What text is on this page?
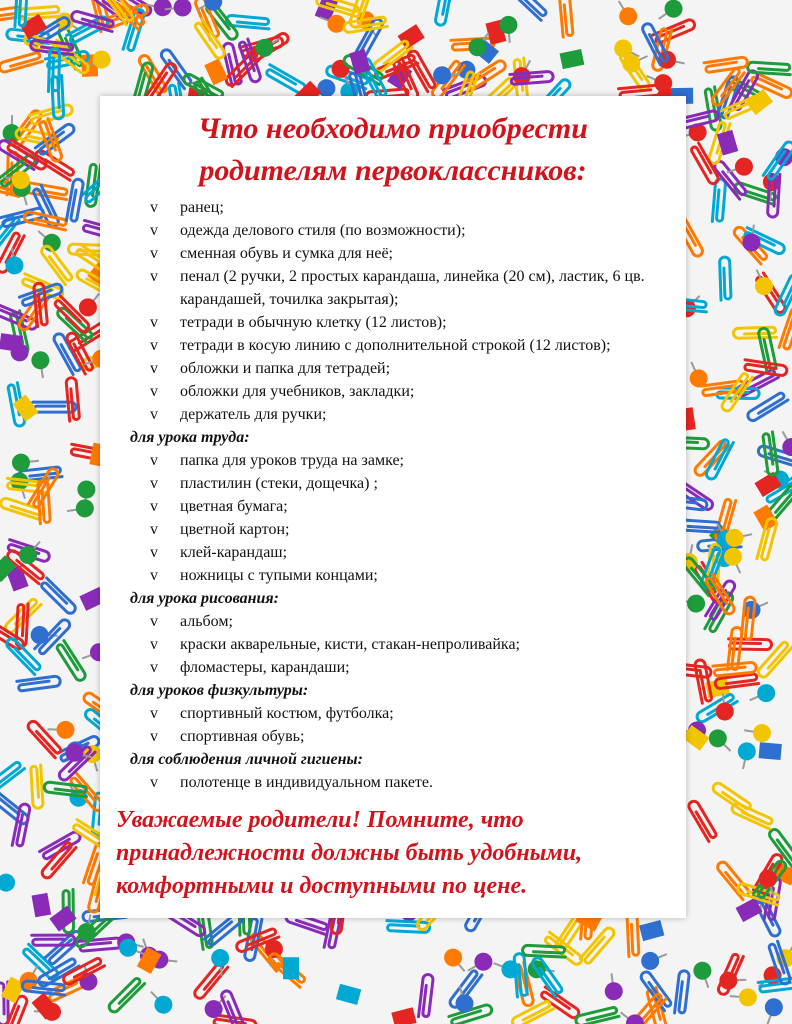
Что необходимо приобрести
родителям первоклассников:
v	ранец;
v	одежда делового стиля (по возможности);
v	сменная обувь и сумка для неё;
v	пенал (2 ручки, 2 простых карандаша, линейка (20 см), ластик, 6 цв. карандашей, точилка закрытая);
v	тетради в обычную клетку (12 листов);
v	тетради в косую линию с дополнительной строкой (12 листов);
v	обложки и папка для тетрадей;
v	обложки для учебников, закладки;
v	держатель для ручки;
для урока труда:
v	папка для уроков труда на замке;
v	пластилин (стеки, дощечка) ;
v	цветная бумага;
v	цветной картон;
v	клей-карандаш;
v	ножницы с тупыми концами;
для урока рисования:
v	альбом;
v	краски акварельные, кисти, стакан-непроливайка;
v	фломастеры, карандаши;
для уроков физкультуры:
v	спортивный костюм, футболка;
v	спортивная обувь;
для соблюдения личной гигиены:
v	полотенце в индивидуальном пакете.
Уважаемые родители! Помните, что
принадлежности должны быть удобными,
комфортными и доступными по цене.
